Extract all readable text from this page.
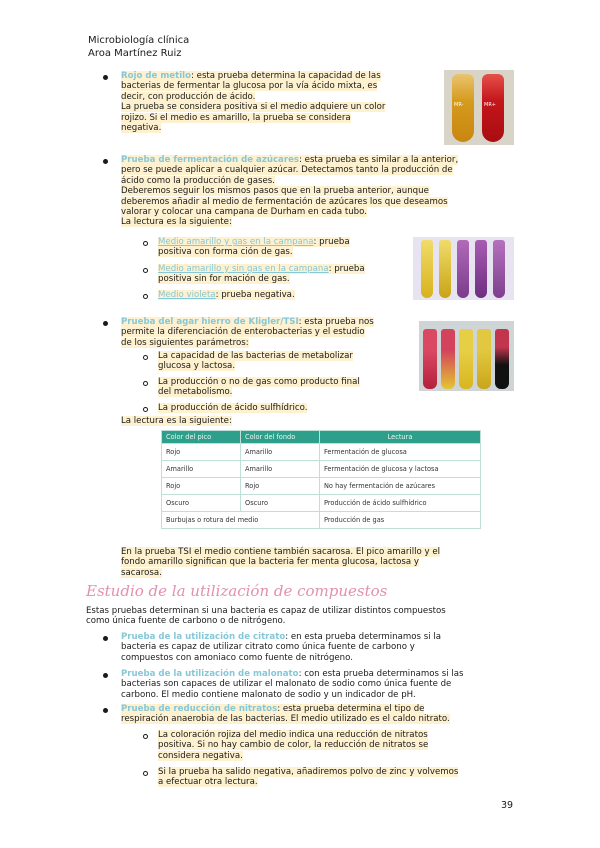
Microbiología clínica
Aroa Martínez Ruiz

Rojo de metilo: esta prueba determina la capacidad de las

bacterias de fermentar la glucosa por la vía ácido mixta, es

decir, con producción de ácido.

La prueba se considera positiva si el medio adquiere un color

rojizo. Si el medio es amarillo, la prueba se considera

negativa.

MR-	MR+

Prueba de fermentación de azúcares: esta prueba es similar a la anterior,

pero se puede aplicar a cualquier azúcar. Detectamos tanto la producción de

ácido como la producción de gases.

Deberemos seguir los mismos pasos que en la prueba anterior, aunque

deberemos añadir al medio de fermentación de azúcares los que deseamos

valorar y colocar una campana de Durham en cada tubo.

La lectura es la siguiente:

Medio amarillo y gas en la campana: prueba

positiva con forma ción de gas.

Medio amarillo y sin gas en la campana: prueba

positiva sin for mación de gas.

Medio violeta: prueba negativa.

Prueba del agar hierro de Kligler/TSI: esta prueba nos

permite la diferenciación de enterobacterias y el estudio

de los siguientes parámetros:

La capacidad de las bacterias de metabolizar

glucosa y lactosa.

La producción o no de gas como producto final

del metabolismo.

La producción de ácido sulfhídrico.

La lectura es la siguiente:

Color del pico	Color del fondo	Lectura
Rojo	Amarillo	Fermentación de glucosa
Amarillo	Amarillo	Fermentación de glucosa y lactosa
Rojo	Rojo	No hay fermentación de azúcares
Oscuro	Oscuro	Producción de ácido sulfhídrico
Burbujas o rotura del medio		Producción de gas

En la prueba TSI el medio contiene también sacarosa. El pico amarillo y el

fondo amarillo significan que la bacteria fer menta glucosa, lactosa y

sacarosa.

Estudio de la utilización de compuestos

Estas pruebas determinan si una bacteria es capaz de utilizar distintos compuestos

como única fuente de carbono o de nitrógeno.

Prueba de la utilización de citrato: en esta prueba determinamos si la

bacteria es capaz de utilizar citrato como única fuente de carbono y

compuestos con amoniaco como fuente de nitrógeno.

Prueba de la utilización de malonato: con esta prueba determinamos si las

bacterias son capaces de utilizar el malonato de sodio como única fuente de

carbono. El medio contiene malonato de sodio y un indicador de pH.

Prueba de reducción de nitratos: esta prueba determina el tipo de

respiración anaerobia de las bacterias. El medio utilizado es el caldo nitrato.

La coloración rojiza del medio indica una reducción de nitratos

positiva. Si no hay cambio de color, la reducción de nitratos se

considera negativa.

Si la prueba ha salido negativa, añadiremos polvo de zinc y volvemos

a efectuar otra lectura.

39
